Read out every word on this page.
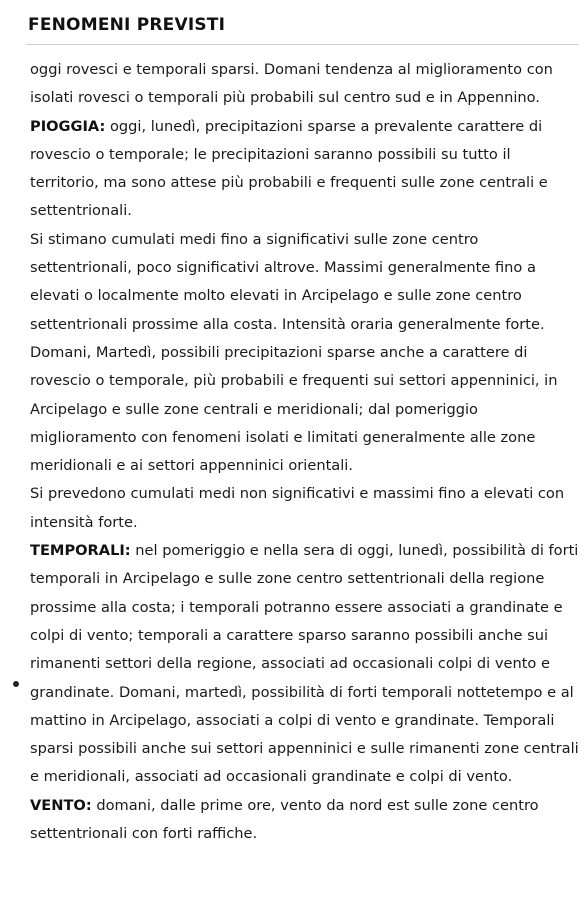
FENOMENI PREVISTI

oggi rovesci e temporali sparsi. Domani tendenza al miglioramento con isolati rovesci o temporali più probabili sul centro sud e in Appennino.

PIOGGIA: oggi, lunedì, precipitazioni sparse a prevalente carattere di rovescio o temporale; le precipitazioni saranno possibili su tutto il territorio, ma sono attese più probabili e frequenti sulle zone centrali e settentrionali.

Si stimano cumulati medi fino a significativi sulle zone centro settentrionali, poco significativi altrove. Massimi generalmente fino a elevati o localmente molto elevati in Arcipelago e sulle zone centro settentrionali prossime alla costa. Intensità oraria generalmente forte.

Domani, Martedì, possibili precipitazioni sparse anche a carattere di rovescio o temporale, più probabili e frequenti sui settori appenninici, in Arcipelago e sulle zone centrali e meridionali; dal pomeriggio miglioramento con fenomeni isolati e limitati generalmente alle zone meridionali e ai settori appenninici orientali.

Si prevedono cumulati medi non significativi e massimi fino a elevati con intensità forte.

TEMPORALI: nel pomeriggio e nella sera di oggi, lunedì, possibilità di forti temporali in Arcipelago e sulle zone centro settentrionali della regione prossime alla costa; i temporali potranno essere associati a grandinate e colpi di vento; temporali a carattere sparso saranno possibili anche sui rimanenti settori della regione, associati ad occasionali colpi di vento e grandinate. Domani, martedì, possibilità di forti temporali nottetempo e al mattino in Arcipelago, associati a colpi di vento e grandinate. Temporali sparsi possibili anche sui settori appenninici e sulle rimanenti zone centrali e meridionali, associati ad occasionali grandinate e colpi di vento.

VENTO: domani, dalle prime ore, vento da nord est sulle zone centro settentrionali con forti raffiche.
